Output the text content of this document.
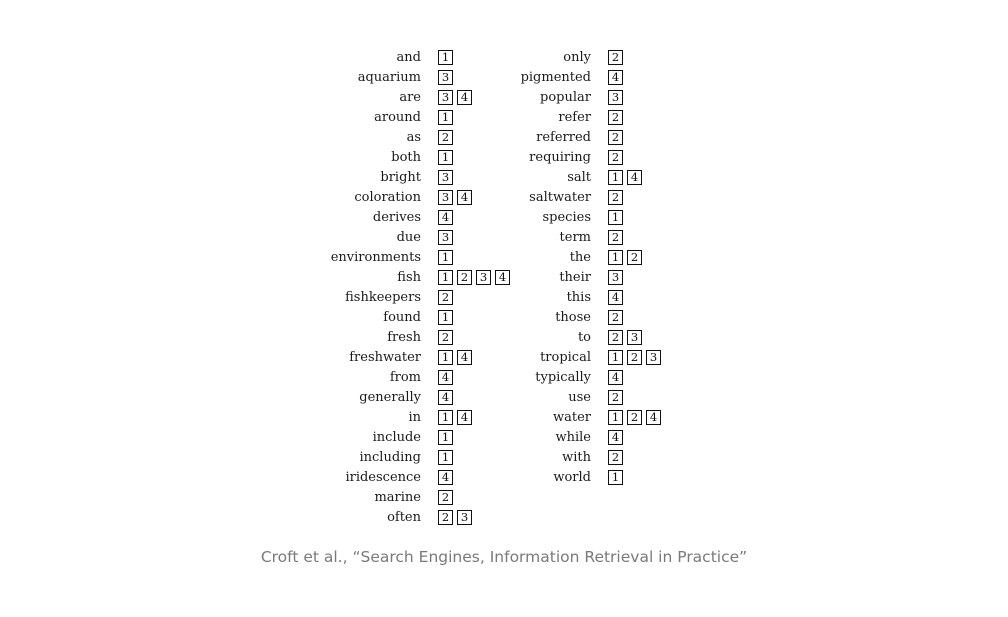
and	1
aquarium	3
are	3	4
around	1
as	2
both	1
bright	3
coloration	3	4
derives	4
due	3
environments	1
fish	1	2	3	4
fishkeepers	2
found	1
fresh	2
freshwater	1	4
from	4
generally	4
in	1	4
include	1
including	1
iridescence	4
marine	2
often	2	3
only	2
pigmented	4
popular	3
refer	2
referred	2
requiring	2
salt	1	4
saltwater	2
species	1
term	2
the	1	2
their	3
this	4
those	2
to	2	3
tropical	1	2	3
typically	4
use	2
water	1	2	4
while	4
with	2
world	1
Croft et al., “Search Engines, Information Retrieval in Practice”
